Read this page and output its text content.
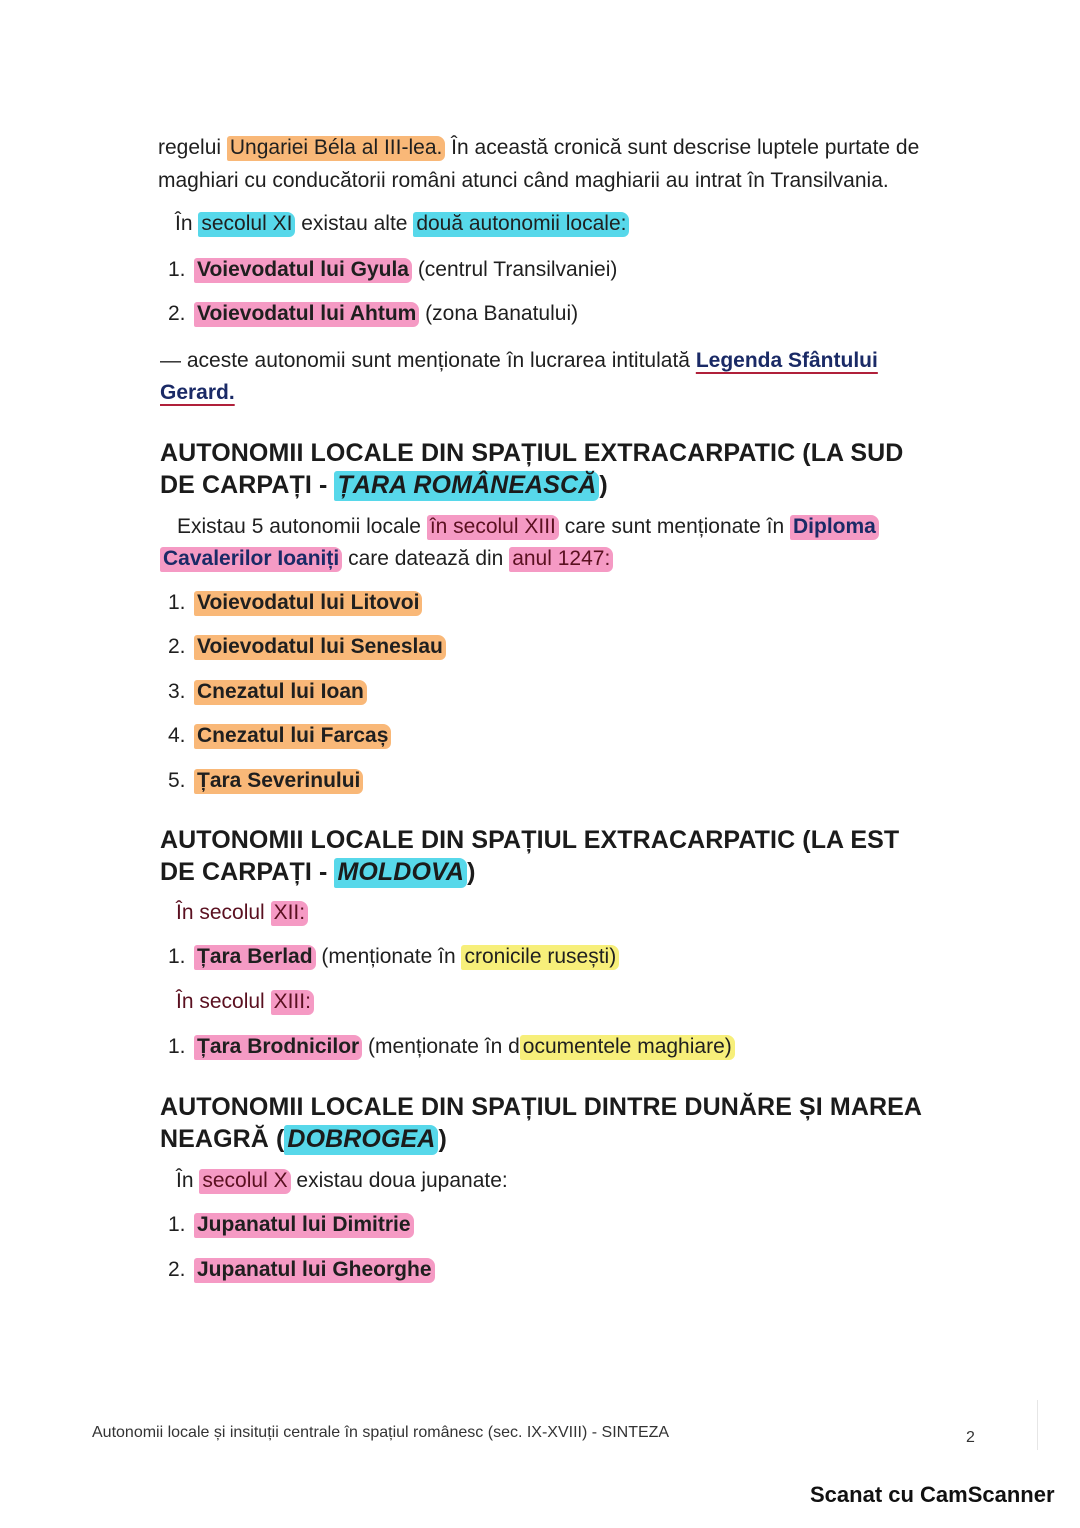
regelui Ungariei Béla al III-lea. În această cronică sunt descrise luptele purtate de
maghiari cu conducătorii români atunci când maghiarii au intrat în Transilvania.
În secolul XI existau alte două autonomii locale:
1. Voievodatul lui Gyula (centrul Transilvaniei)
2. Voievodatul lui Ahtum (zona Banatului)
— aceste autonomii sunt menționate în lucrarea intitulată Legenda Sfântului
Gerard.
AUTONOMII LOCALE DIN SPAȚIUL EXTRACARPATIC (LA SUD
DE CARPAȚI - ȚARA ROMÂNEASCĂ )
Existau 5 autonomii locale în secolul XIII care sunt menționate în Diploma
Cavalerilor Ioaniți care datează din anul 1247:
1. Voievodatul lui Litovoi
2. Voievodatul lui Seneslau
3. Cnezatul lui Ioan
4. Cnezatul lui Farcaș
5. Țara Severinului
AUTONOMII LOCALE DIN SPAȚIUL EXTRACARPATIC (LA EST
DE CARPAȚI - MOLDOVA )
În secolul XII:
1. Țara Berlad (menționate în cronicile rusești)
În secolul XIII:
1. Țara Brodnicilor (menționate în d ocumentele maghiare)
AUTONOMII LOCALE DIN SPAȚIUL DINTRE DUNĂRE ȘI MAREA
NEAGRĂ ( DOBROGEA )
În secolul X existau doua jupanate:
1. Jupanatul lui Dimitrie
2. Jupanatul lui Gheorghe
Autonomii locale și insituții centrale în spațiul românesc (sec. IX-XVIII) - SINTEZA	2
Scanat cu CamScanner
